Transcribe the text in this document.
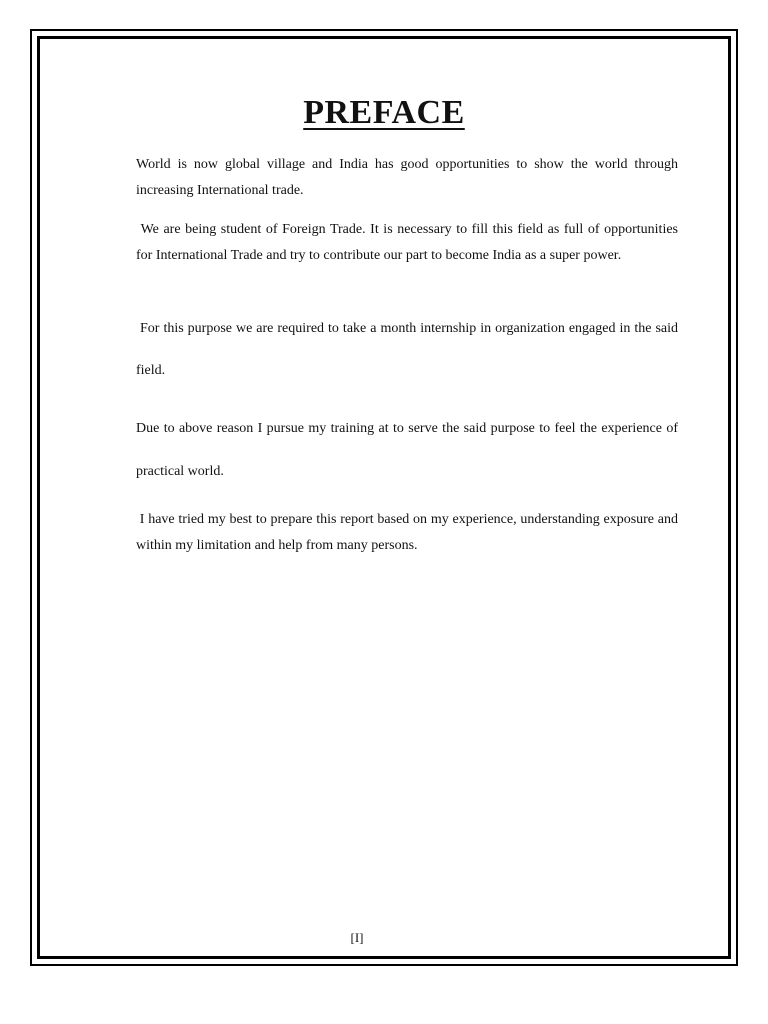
PREFACE

World is now global village and India has good opportunities to show the world through increasing International trade.

We are being student of Foreign Trade. It is necessary to fill this field as full of opportunities for International Trade and try to contribute our part to become India as a super power.

For this purpose we are required to take a month internship in organization engaged in the said field.

Due to above reason I pursue my training at to serve the said purpose to feel the experience of practical world.

I have tried my best to prepare this report based on my experience, understanding exposure and within my limitation and help from many persons.

[I]
